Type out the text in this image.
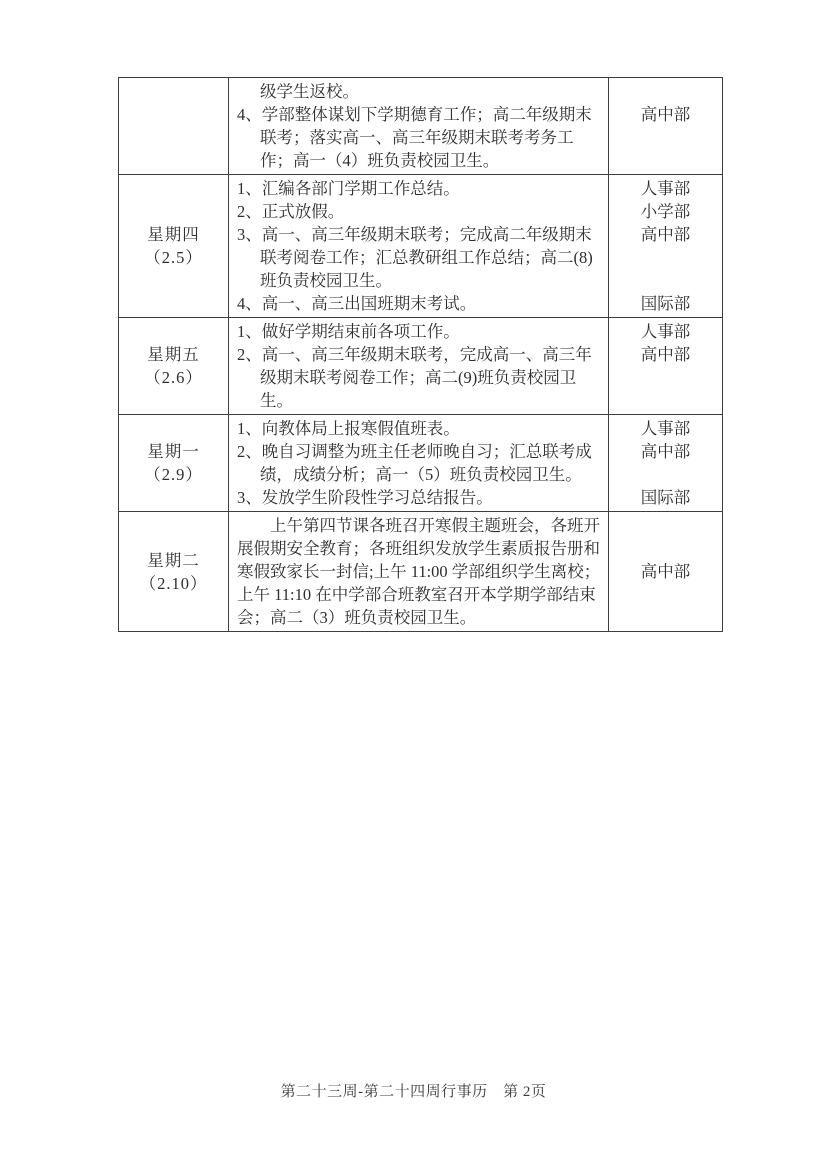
级学生返校。
4、学部整体谋划下学期德育工作；高二年级期末联考；落实高一、高三年级期末联考考务工作；高一（4）班负责校园卫生。
高中部
星期四
（2.5）
1、汇编各部门学期工作总结。
2、正式放假。
3、高一、高三年级期末联考；完成高二年级期末联考阅卷工作；汇总教研组工作总结；高二(8)班负责校园卫生。
4、高一、高三出国班期末考试。
人事部
小学部
高中部
国际部
星期五
（2.6）
1、做好学期结束前各项工作。
2、高一、高三年级期末联考，完成高一、高三年级期末联考阅卷工作；高二(9)班负责校园卫生。
人事部
高中部
星期一
（2.9）
1、向教体局上报寒假值班表。
2、晚自习调整为班主任老师晚自习；汇总联考成绩，成绩分析；高一（5）班负责校园卫生。
3、发放学生阶段性学习总结报告。
人事部
高中部
国际部
星期二
（2.10）
上午第四节课各班召开寒假主题班会，各班开展假期安全教育；各班组织发放学生素质报告册和寒假致家长一封信;上午 11:00 学部组织学生离校；上午 11:10 在中学部合班教室召开本学期学部结束会；高二（3）班负责校园卫生。
高中部
第二十三周-第二十四周行事历　第 2页
